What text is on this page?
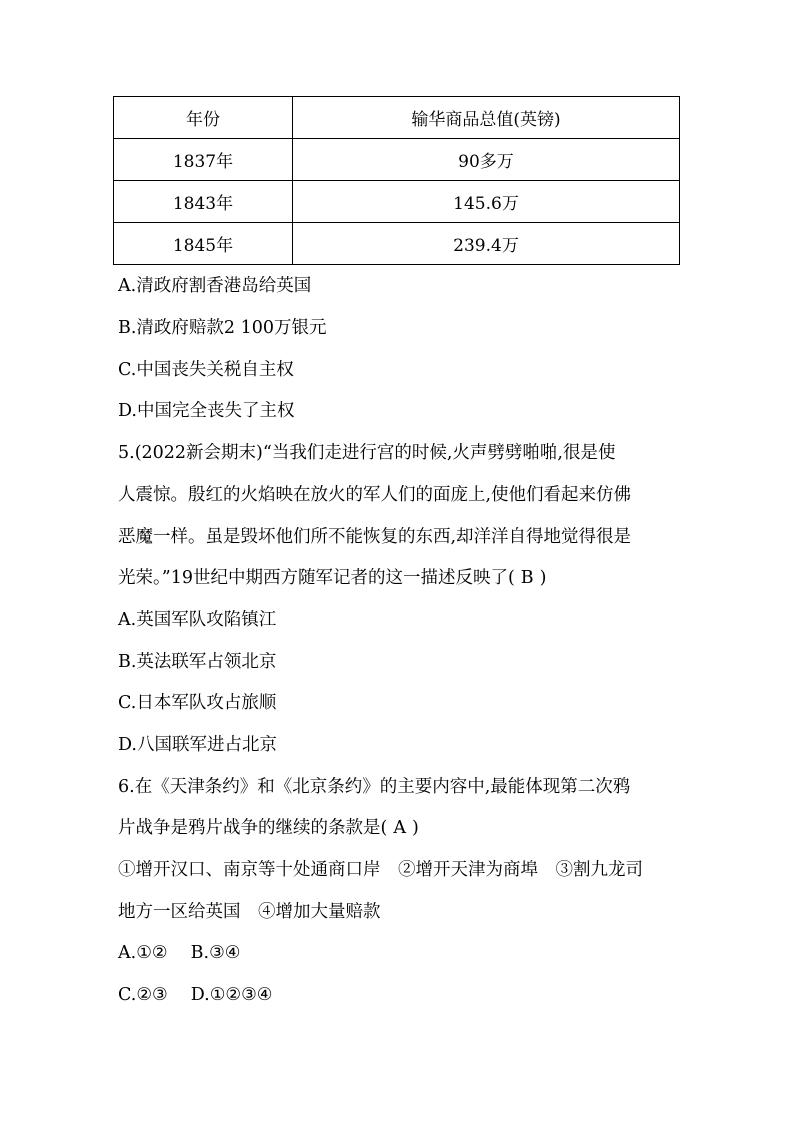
年份	输华商品总值(英镑)
1837年	90多万
1843年	145.6万
1845年	239.4万
A.清政府割香港岛给英国
B.清政府赔款2 100万银元
C.中国丧失关税自主权
D.中国完全丧失了主权
5.(2022新会期末)“当我们走进行宫的时候,火声劈劈啪啪,很是使
人震惊。殷红的火焰映在放火的军人们的面庞上,使他们看起来仿佛
恶魔一样。虽是毁坏他们所不能恢复的东西,却洋洋自得地觉得很是
光荣。”19世纪中期西方随军记者的这一描述反映了( B )
A.英国军队攻陷镇江
B.英法联军占领北京
C.日本军队攻占旅顺
D.八国联军进占北京
6.在《天津条约》和《北京条约》的主要内容中,最能体现第二次鸦
片战争是鸦片战争的继续的条款是( A )
①增开汉口、南京等十处通商口岸　②增开天津为商埠　③割九龙司
地方一区给英国　④增加大量赔款
A.①②　 B.③④
C.②③　 D.①②③④
